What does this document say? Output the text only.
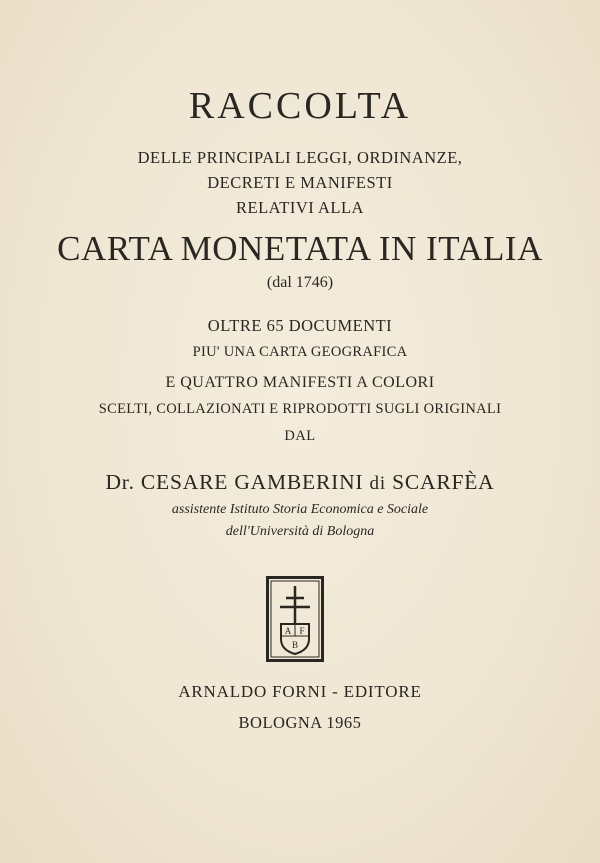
RACCOLTA
DELLE PRINCIPALI LEGGI, ORDINANZE,
DECRETI E MANIFESTI
RELATIVI ALLA
CARTA MONETATA IN ITALIA
(dal 1746)
OLTRE 65 DOCUMENTI
PIU' UNA CARTA GEOGRAFICA
E QUATTRO MANIFESTI A COLORI
SCELTI, COLLAZIONATI E RIPRODOTTI SUGLI ORIGINALI
DAL
Dr. CESARE GAMBERINI di SCARFÈA
assistente Istituto Storia Economica e Sociale
dell'Università di Bologna
A F
B
ARNALDO FORNI - EDITORE
BOLOGNA 1965
